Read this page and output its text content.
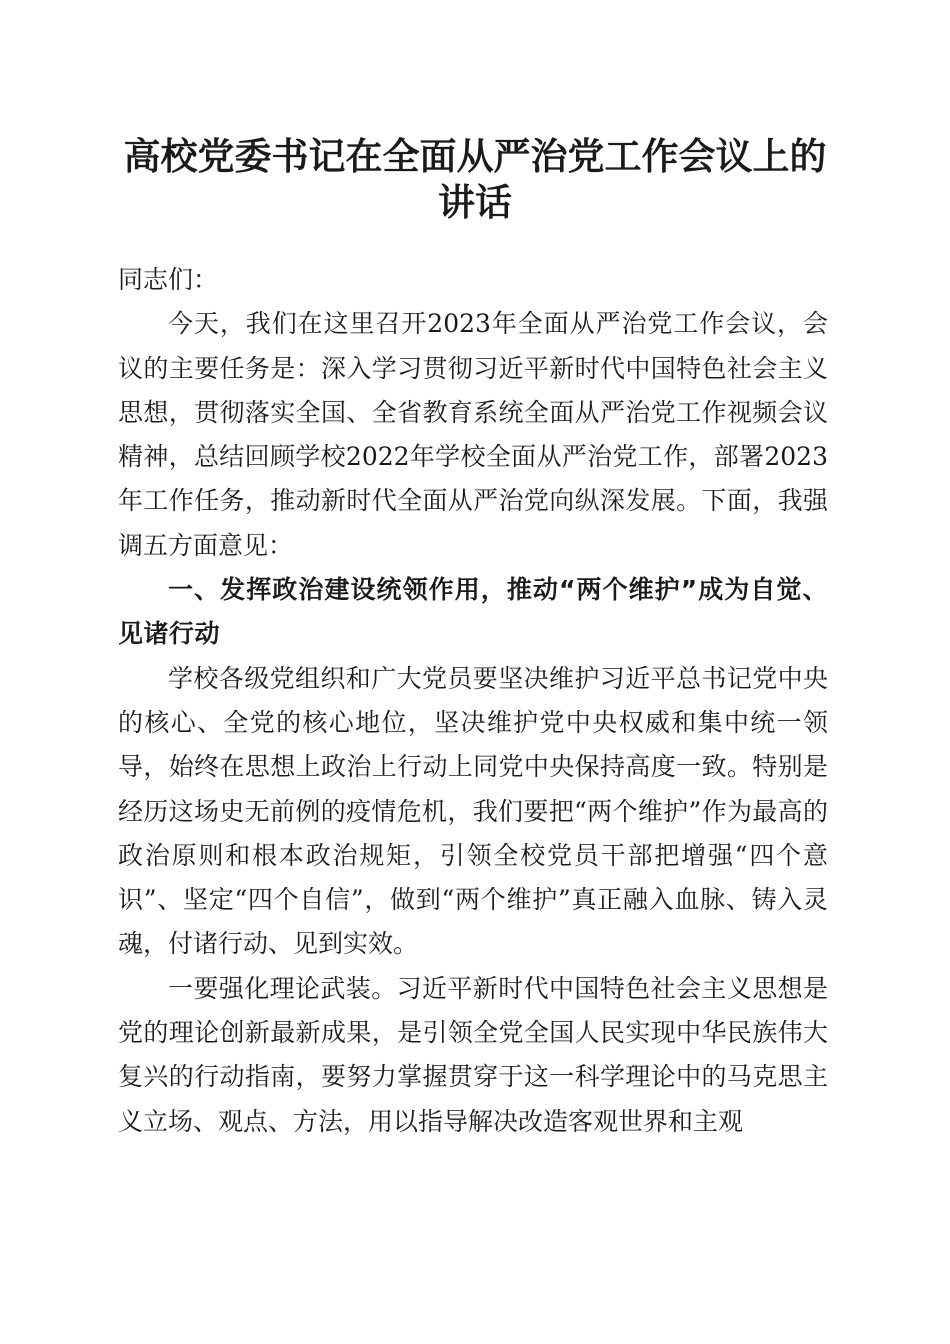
高校党委书记在全面从严治党工作会议上的讲话

同志们：

今天，我们在这里召开2023年全面从严治党工作会议，会议的主要任务是：深入学习贯彻习近平新时代中国特色社会主义思想，贯彻落实全国、全省教育系统全面从严治党工作视频会议精神，总结回顾学校2022年学校全面从严治党工作，部署2023年工作任务，推动新时代全面从严治党向纵深发展。下面，我强调五方面意见：

一、发挥政治建设统领作用，推动“两个维护”成为自觉、见诸行动

学校各级党组织和广大党员要坚决维护习近平总书记党中央的核心、全党的核心地位，坚决维护党中央权威和集中统一领导，始终在思想上政治上行动上同党中央保持高度一致。特别是经历这场史无前例的疫情危机，我们要把“两个维护”作为最高的政治原则和根本政治规矩，引领全校党员干部把增强“四个意识”、坚定“四个自信”，做到“两个维护”真正融入血脉、铸入灵魂，付诸行动、见到实效。

一要强化理论武装。习近平新时代中国特色社会主义思想是党的理论创新最新成果，是引领全党全国人民实现中华民族伟大复兴的行动指南，要努力掌握贯穿于这一科学理论中的马克思主义立场、观点、方法，用以指导解决改造客观世界和主观
